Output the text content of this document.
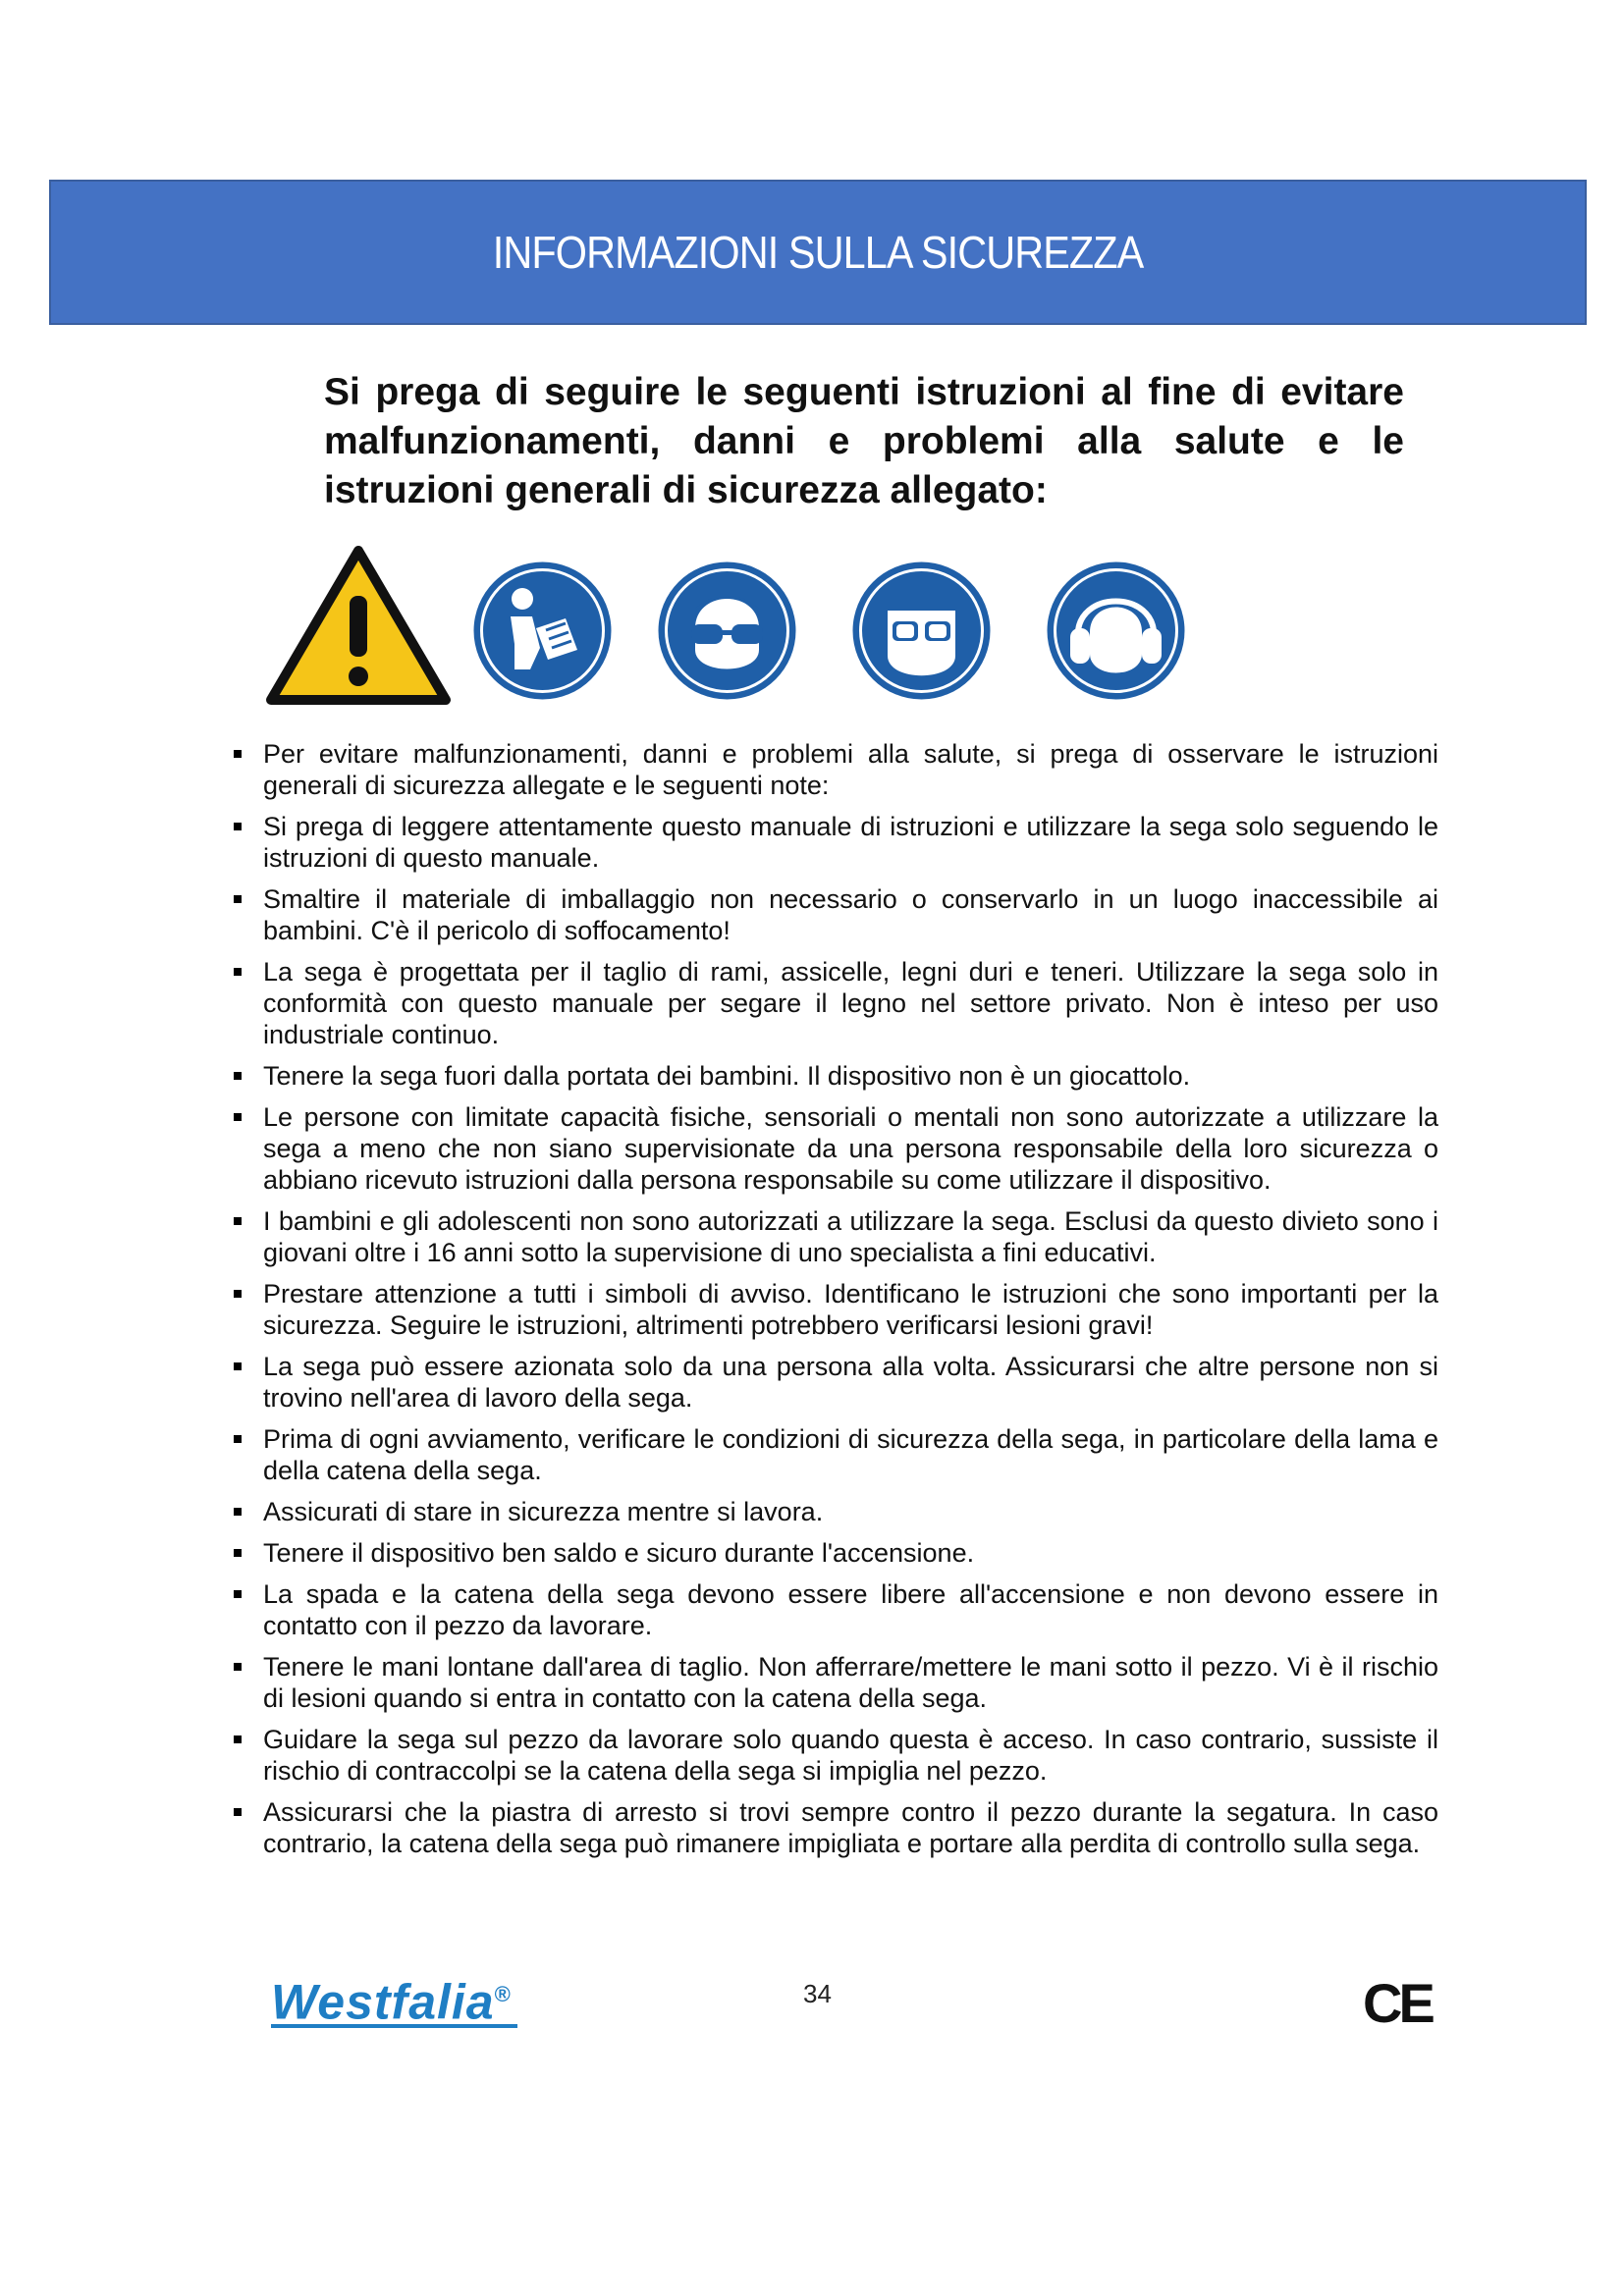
INFORMAZIONI SULLA SICUREZZA

Si prega di seguire le seguenti istruzioni al fine di evitare malfunzionamenti, danni e problemi alla salute e le istruzioni generali di sicurezza allegato:

Per evitare malfunzionamenti, danni e problemi alla salute, si prega di osservare le istruzioni generali di sicurezza allegate e le seguenti note:
Si prega di leggere attentamente questo manuale di istruzioni e utilizzare la sega solo seguendo le istruzioni di questo manuale.
Smaltire il materiale di imballaggio non necessario o conservarlo in un luogo inaccessibile ai bambini. C'è il pericolo di soffocamento!
La sega è progettata per il taglio di rami, assicelle, legni duri e teneri. Utilizzare la sega solo in conformità con questo manuale per segare il legno nel settore privato. Non è inteso per uso industriale continuo.
Tenere la sega fuori dalla portata dei bambini. Il dispositivo non è un giocattolo.
Le persone con limitate capacità fisiche, sensoriali o mentali non sono autorizzate a utilizzare la sega a meno che non siano supervisionate da una persona responsabile della loro sicurezza o abbiano ricevuto istruzioni dalla persona responsabile su come utilizzare il dispositivo.
I bambini e gli adolescenti non sono autorizzati a utilizzare la sega. Esclusi da questo divieto sono i giovani oltre i 16 anni sotto la supervisione di uno specialista a fini educativi.
Prestare attenzione a tutti i simboli di avviso. Identificano le istruzioni che sono importanti per la sicurezza. Seguire le istruzioni, altrimenti potrebbero verificarsi lesioni gravi!
La sega può essere azionata solo da una persona alla volta. Assicurarsi che altre persone non si trovino nell'area di lavoro della sega.
Prima di ogni avviamento, verificare le condizioni di sicurezza della sega, in particolare della lama e della catena della sega.
Assicurati di stare in sicurezza mentre si lavora.
Tenere il dispositivo ben saldo e sicuro durante l'accensione.
La spada e la catena della sega devono essere libere all'accensione e non devono essere in contatto con il pezzo da lavorare.
Tenere le mani lontane dall'area di taglio. Non afferrare/mettere le mani sotto il pezzo. Vi è il rischio di lesioni quando si entra in contatto con la catena della sega.
Guidare la sega sul pezzo da lavorare solo quando questa è acceso. In caso contrario, sussiste il rischio di contraccolpi se la catena della sega si impiglia nel pezzo.
Assicurarsi che la piastra di arresto si trovi sempre contro il pezzo durante la segatura. In caso contrario, la catena della sega può rimanere impigliata e portare alla perdita di controllo sulla sega.
Westfalia®	34	CE
